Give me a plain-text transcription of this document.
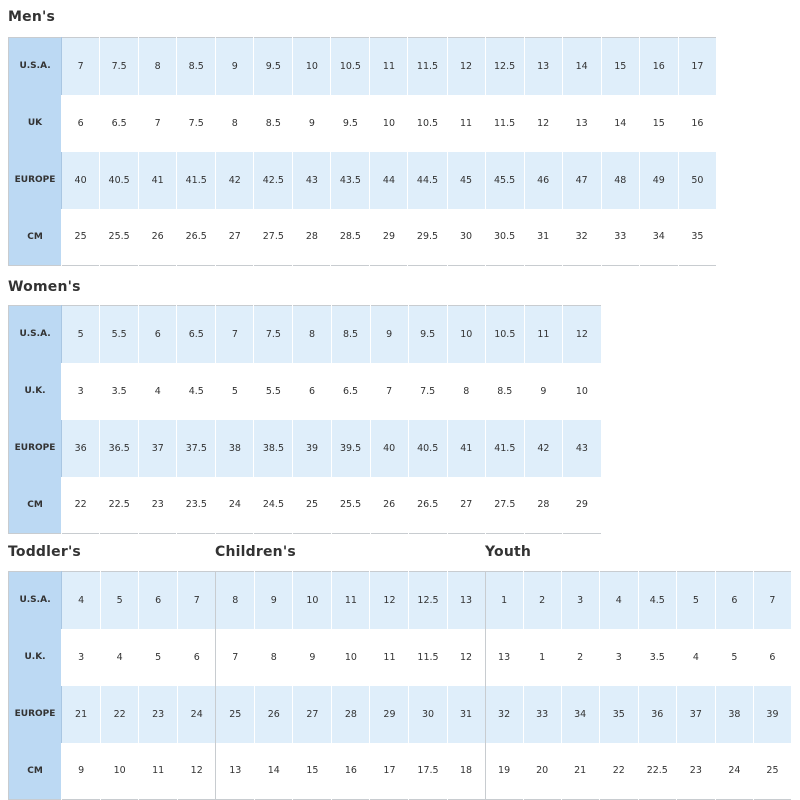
Men's
U.S.A.	7	7.5	8	8.5	9	9.5	10	10.5	11	11.5	12	12.5	13	14	15	16	17
UK	6	6.5	7	7.5	8	8.5	9	9.5	10	10.5	11	11.5	12	13	14	15	16
EUROPE	40	40.5	41	41.5	42	42.5	43	43.5	44	44.5	45	45.5	46	47	48	49	50
CM	25	25.5	26	26.5	27	27.5	28	28.5	29	29.5	30	30.5	31	32	33	34	35
Women's
U.S.A.	5	5.5	6	6.5	7	7.5	8	8.5	9	9.5	10	10.5	11	12
U.K.	3	3.5	4	4.5	5	5.5	6	6.5	7	7.5	8	8.5	9	10
EUROPE	36	36.5	37	37.5	38	38.5	39	39.5	40	40.5	41	41.5	42	43
CM	22	22.5	23	23.5	24	24.5	25	25.5	26	26.5	27	27.5	28	29
Toddler's	Children's	Youth
U.S.A.	4	5	6	7	8	9	10	11	12	12.5	13	1	2	3	4	4.5	5	6	7
U.K.	3	4	5	6	7	8	9	10	11	11.5	12	13	1	2	3	3.5	4	5	6
EUROPE	21	22	23	24	25	26	27	28	29	30	31	32	33	34	35	36	37	38	39
CM	9	10	11	12	13	14	15	16	17	17.5	18	19	20	21	22	22.5	23	24	25
